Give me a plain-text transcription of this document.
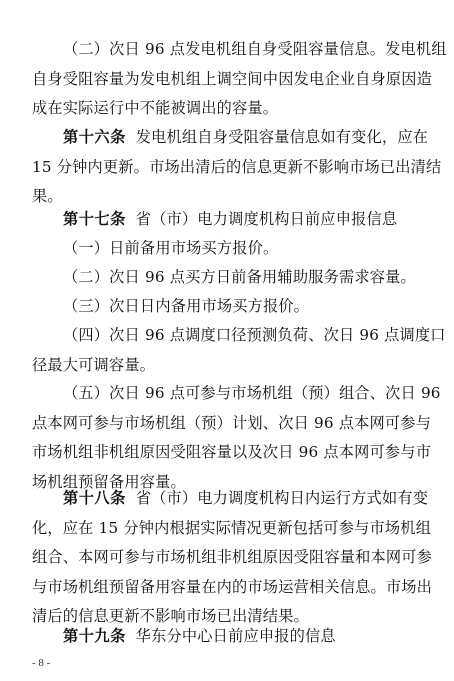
（二）次日 96 点发电机组自身受阻容量信息。发电机组
自身受阻容量为发电机组上调空间中因发电企业自身原因造
成在实际运行中不能被调出的容量。
第十六条 发电机组自身受阻容量信息如有变化，应在
15 分钟内更新。市场出清后的信息更新不影响市场已出清结
果。
第十七条 省（市）电力调度机构日前应申报信息
（一）日前备用市场买方报价。
（二）次日 96 点买方日前备用辅助服务需求容量。
（三）次日日内备用市场买方报价。
（四）次日 96 点调度口径预测负荷、次日 96 点调度口
径最大可调容量。
（五）次日 96 点可参与市场机组（预）组合、次日 96
点本网可参与市场机组（预）计划、次日 96 点本网可参与
市场机组非机组原因受阻容量以及次日 96 点本网可参与市
场机组预留备用容量。
第十八条 省（市）电力调度机构日内运行方式如有变
化，应在 15 分钟内根据实际情况更新包括可参与市场机组
组合、本网可参与市场机组非机组原因受阻容量和本网可参
与市场机组预留备用容量在内的市场运营相关信息。市场出
清后的信息更新不影响市场已出清结果。
第十九条 华东分中心日前应申报的信息
- 8 -
